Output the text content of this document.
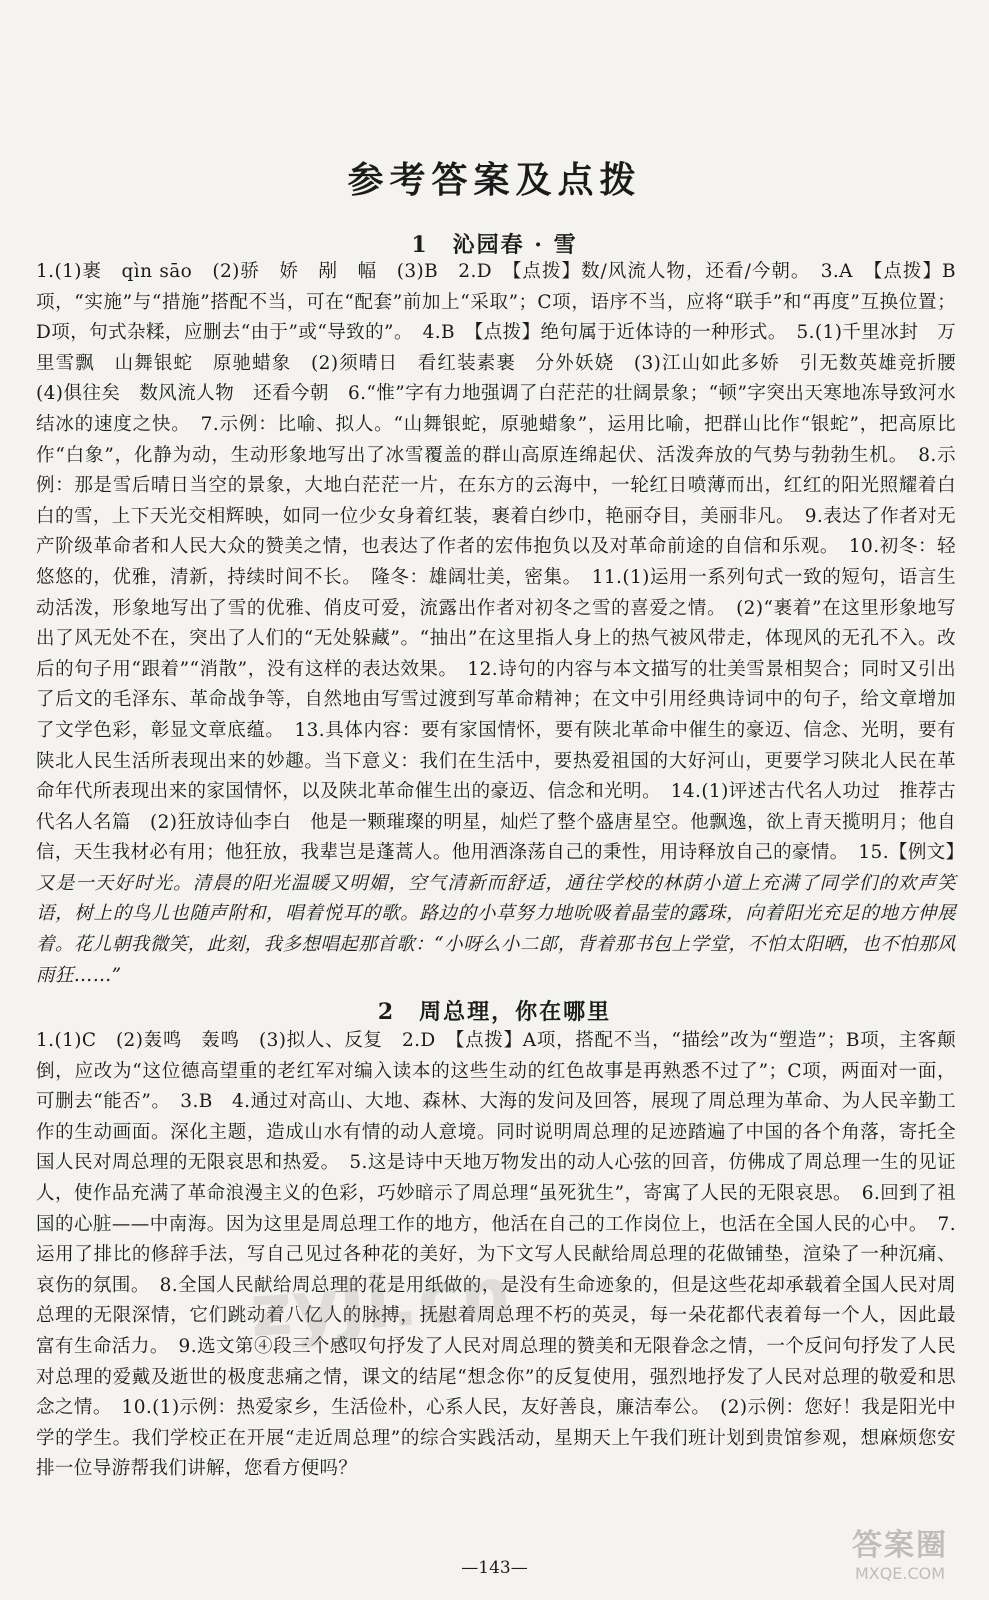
参考答案及点拨
1　沁园春 · 雪
1.(1)裹　qìn sāo　(2)骄　娇　剐　幅　(3)B　2.D　【点拨】数/风流人物，还看/今朝。　3.A　【点拨】B项，“实施”与“措施”搭配不当，可在“配套”前加上“采取”；C项，语序不当，应将“联手”和“再度”互换位置；D项，句式杂糅，应删去“由于”或“导致的”。　4.B　【点拨】绝句属于近体诗的一种形式。　5.(1)千里冰封　万里雪飘　山舞银蛇　原驰蜡象　(2)须晴日　看红装素裹　分外妖娆　(3)江山如此多娇　引无数英雄竞折腰　(4)俱往矣　数风流人物　还看今朝　6.“惟”字有力地强调了白茫茫的壮阔景象；“顿”字突出天寒地冻导致河水结冰的速度之快。　7.示例：比喻、拟人。“山舞银蛇，原驰蜡象”，运用比喻，把群山比作“银蛇”，把高原比作“白象”，化静为动，生动形象地写出了冰雪覆盖的群山高原连绵起伏、活泼奔放的气势与勃勃生机。　8.示例：那是雪后晴日当空的景象，大地白茫茫一片，在东方的云海中，一轮红日喷薄而出，红红的阳光照耀着白白的雪，上下天光交相辉映，如同一位少女身着红装，裹着白纱巾，艳丽夺目，美丽非凡。　9.表达了作者对无产阶级革命者和人民大众的赞美之情，也表达了作者的宏伟抱负以及对革命前途的自信和乐观。　10.初冬：轻悠悠的，优雅，清新，持续时间不长。　隆冬：雄阔壮美，密集。　11.(1)运用一系列句式一致的短句，语言生动活泼，形象地写出了雪的优雅、俏皮可爱，流露出作者对初冬之雪的喜爱之情。　(2)“裹着”在这里形象地写出了风无处不在，突出了人们的“无处躲藏”。“抽出”在这里指人身上的热气被风带走，体现风的无孔不入。改后的句子用“跟着”“消散”，没有这样的表达效果。　12.诗句的内容与本文描写的壮美雪景相契合；同时又引出了后文的毛泽东、革命战争等，自然地由写雪过渡到写革命精神；在文中引用经典诗词中的句子，给文章增加了文学色彩，彰显文章底蕴。　13.具体内容：要有家国情怀，要有陕北革命中催生的豪迈、信念、光明，要有陕北人民生活所表现出来的妙趣。当下意义：我们在生活中，要热爱祖国的大好河山，更要学习陕北人民在革命年代所表现出来的家国情怀，以及陕北革命催生出的豪迈、信念和光明。　14.(1)评述古代名人功过　推荐古代名人名篇　(2)狂放诗仙李白　他是一颗璀璨的明星，灿烂了整个盛唐星空。他飘逸，欲上青天揽明月；他自信，天生我材必有用；他狂放，我辈岂是蓬蒿人。他用酒涤荡自己的秉性，用诗释放自己的豪情。　15.【例文】又是一天好时光。清晨的阳光温暖又明媚，空气清新而舒适，通往学校的林荫小道上充满了同学们的欢声笑语，树上的鸟儿也随声附和，唱着悦耳的歌。路边的小草努力地吮吸着晶莹的露珠，向着阳光充足的地方伸展着。花儿朝我微笑，此刻，我多想唱起那首歌：“小呀么小二郎，背着那书包上学堂，不怕太阳晒，也不怕那风雨狂……”
2　周总理，你在哪里
1.(1)C　(2)轰鸣　轰鸣　(3)拟人、反复　2.D　【点拨】A项，搭配不当，“描绘”改为“塑造”；B项，主客颠倒，应改为“这位德高望重的老红军对编入读本的这些生动的红色故事是再熟悉不过了”；C项，两面对一面，可删去“能否”。　3.B　4.通过对高山、大地、森林、大海的发问及回答，展现了周总理为革命、为人民辛勤工作的生动画面。深化主题，造成山水有情的动人意境。同时说明周总理的足迹踏遍了中国的各个角落，寄托全国人民对周总理的无限哀思和热爱。　5.这是诗中天地万物发出的动人心弦的回音，仿佛成了周总理一生的见证人，使作品充满了革命浪漫主义的色彩，巧妙暗示了周总理“虽死犹生”，寄寓了人民的无限哀思。　6.回到了祖国的心脏——中南海。因为这里是周总理工作的地方，他活在自己的工作岗位上，也活在全国人民的心中。　7.运用了排比的修辞手法，写自己见过各种花的美好，为下文写人民献给周总理的花做铺垫，渲染了一种沉痛、哀伤的氛围。　8.全国人民献给周总理的花是用纸做的，是没有生命迹象的，但是这些花却承载着全国人民对周总理的无限深情，它们跳动着八亿人的脉搏，抚慰着周总理不朽的英灵，每一朵花都代表着每一个人，因此最富有生命活力。　9.选文第④段三个感叹句抒发了人民对周总理的赞美和无限眷念之情，一个反问句抒发了人民对总理的爱戴及逝世的极度悲痛之情，课文的结尾“想念你”的反复使用，强烈地抒发了人民对总理的敬爱和思念之情。　10.(1)示例：热爱家乡，生活俭朴，心系人民，友好善良，廉洁奉公。　(2)示例：您好！我是阳光中学的学生。我们学校正在开展“走近周总理”的综合实践活动，星期天上午我们班计划到贵馆参观，想麻烦您安排一位导游帮我们讲解，您看方便吗？
zyJl.cn
—143—
答案圈
MXQE.COM
